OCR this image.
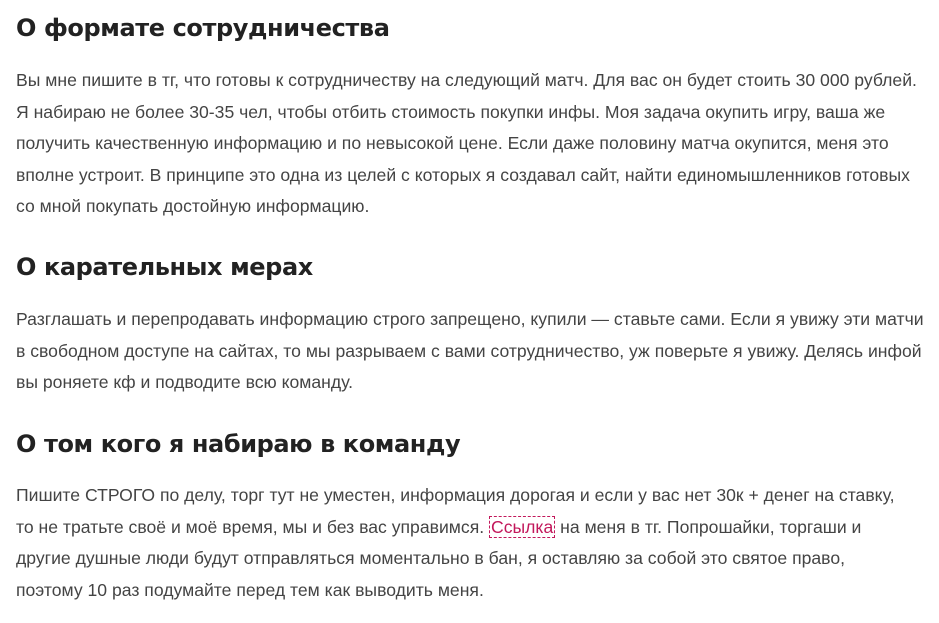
О формате сотрудничества

Вы мне пишите в тг, что готовы к сотрудничеству на следующий матч. Для вас он будет стоить 30 000 рублей. Я набираю не более 30-35 чел, чтобы отбить стоимость покупки инфы. Моя задача окупить игру, ваша же получить качественную информацию и по невысокой цене. Если даже половину матча окупится, меня это вполне устроит. В принципе это одна из целей с которых я создавал сайт, найти единомышленников готовых со мной покупать достойную информацию.

О карательных мерах

Разглашать и перепродавать информацию строго запрещено, купили — ставьте сами. Если я увижу эти матчи в свободном доступе на сайтах, то мы разрываем с вами сотрудничество, уж поверьте я увижу. Делясь инфой вы роняете кф и подводите всю команду.

О том кого я набираю в команду

Пишите СТРОГО по делу, торг тут не уместен, информация дорогая и если у вас нет 30к + денег на ставку, то не тратьте своё и моё время, мы и без вас управимся. Ссылка на меня в тг. Попрошайки, торгаши и другие душные люди будут отправляться моментально в бан, я оставляю за собой это святое право, поэтому 10 раз подумайте перед тем как выводить меня.
